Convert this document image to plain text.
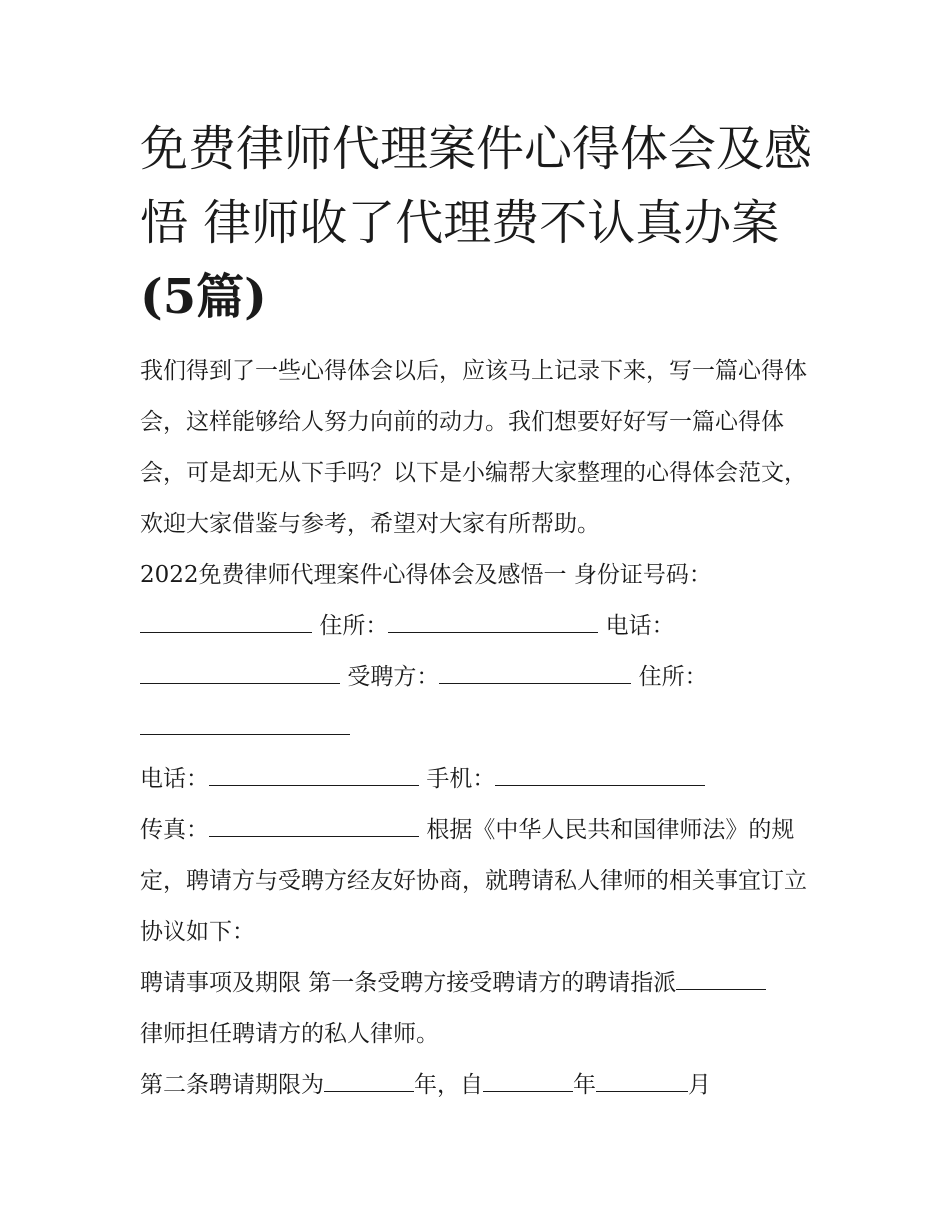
免费律师代理案件心得体会及感悟 律师收了代理费不认真办案(5篇)

我们得到了一些心得体会以后，应该马上记录下来，写一篇心得体会，这样能够给人努力向前的动力。我们想要好好写一篇心得体会，可是却无从下手吗？以下是小编帮大家整理的心得体会范文，欢迎大家借鉴与参考，希望对大家有所帮助。

2022免费律师代理案件心得体会及感悟一 身份证号码：  住所：	电话：
受聘方：	住所：

电话：	手机：

传真：	根据《中华人民共和国律师法》的规定，聘请方与受聘方经友好协商，就聘请私人律师的相关事宜订立协议如下：

聘请事项及期限 第一条受聘方接受聘请方的聘请指派
律师担任聘请方的私人律师。

第二条聘请期限为	年，自	年	月
